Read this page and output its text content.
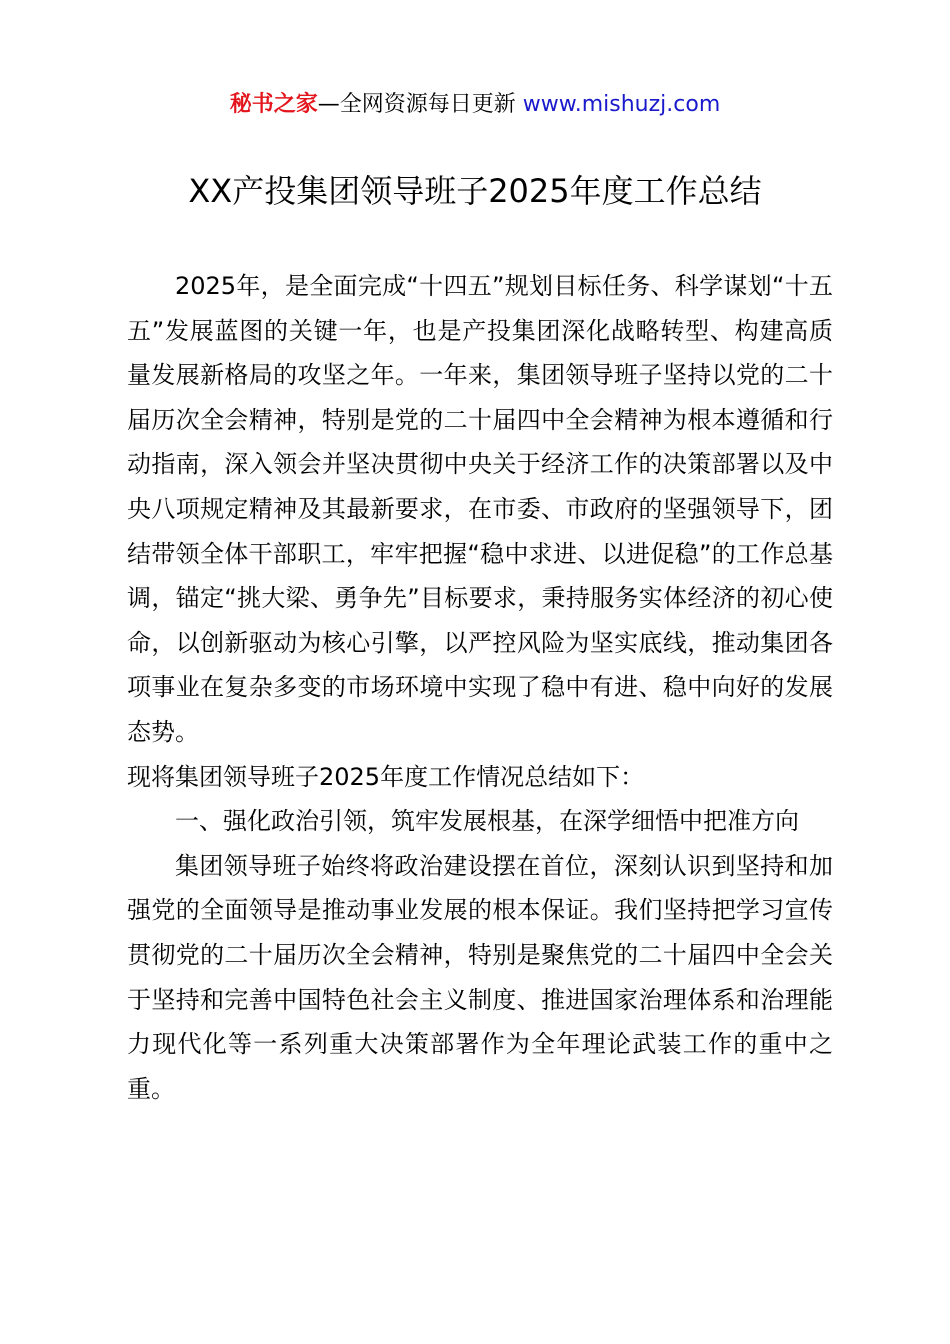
秘书之家—全网资源每日更新 www.mishuzj.com
XX产投集团领导班子2025年度工作总结

2025年，是全面完成“十四五”规划目标任务、科学谋划“十五五”发展蓝图的关键一年，也是产投集团深化战略转型、构建高质量发展新格局的攻坚之年。一年来，集团领导班子坚持以党的二十届历次全会精神，特别是党的二十届四中全会精神为根本遵循和行动指南，深入领会并坚决贯彻中央关于经济工作的决策部署以及中央八项规定精神及其最新要求，在市委、市政府的坚强领导下，团结带领全体干部职工，牢牢把握“稳中求进、以进促稳”的工作总基调，锚定“挑大梁、勇争先”目标要求，秉持服务实体经济的初心使命，以创新驱动为核心引擎，以严控风险为坚实底线，推动集团各项事业在复杂多变的市场环境中实现了稳中有进、稳中向好的发展态势。

现将集团领导班子2025年度工作情况总结如下：

一、强化政治引领，筑牢发展根基，在深学细悟中把准方向

集团领导班子始终将政治建设摆在首位，深刻认识到坚持和加强党的全面领导是推动事业发展的根本保证。我们坚持把学习宣传贯彻党的二十届历次全会精神，特别是聚焦党的二十届四中全会关于坚持和完善中国特色社会主义制度、推进国家治理体系和治理能力现代化等一系列重大决策部署作为全年理论武装工作的重中之重。
